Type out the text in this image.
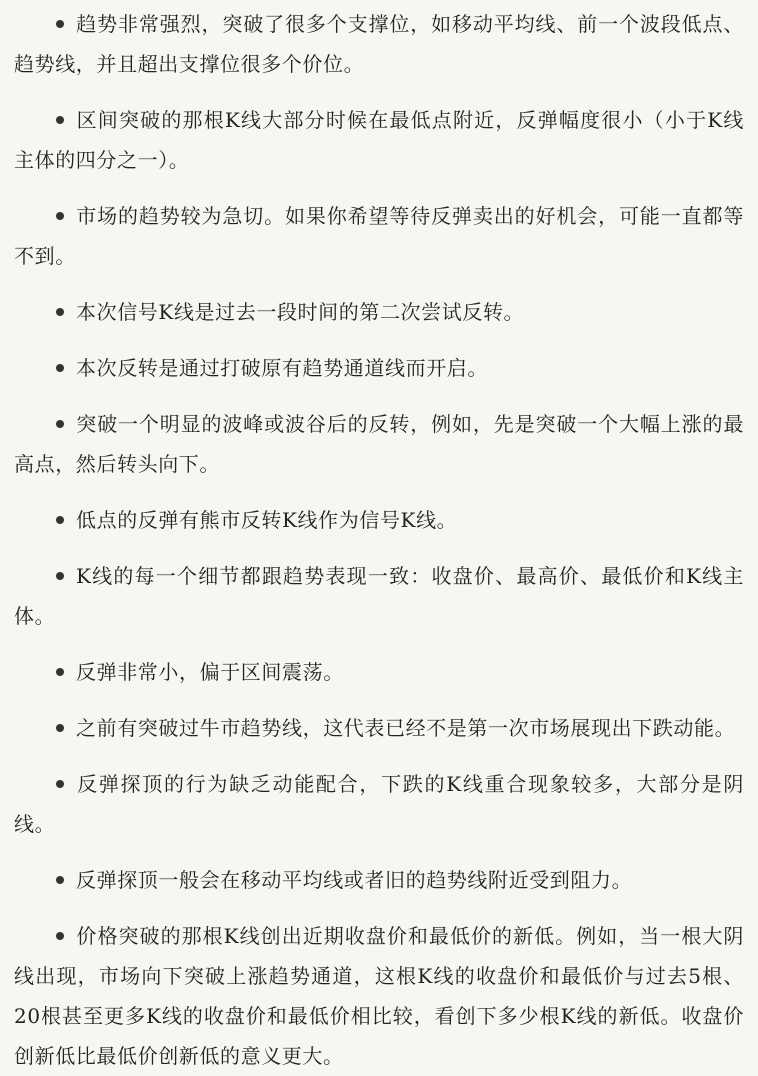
趋势非常强烈，突破了很多个支撑位，如移动平均线、前一个波段低点、趋势线，并且超出支撑位很多个价位。

区间突破的那根K线大部分时候在最低点附近，反弹幅度很小（小于K线主体的四分之一）。

市场的趋势较为急切。如果你希望等待反弹卖出的好机会，可能一直都等不到。

本次信号K线是过去一段时间的第二次尝试反转。

本次反转是通过打破原有趋势通道线而开启。

突破一个明显的波峰或波谷后的反转，例如，先是突破一个大幅上涨的最高点，然后转头向下。

低点的反弹有熊市反转K线作为信号K线。

K线的每一个细节都跟趋势表现一致：收盘价、最高价、最低价和K线主体。

反弹非常小，偏于区间震荡。

之前有突破过牛市趋势线，这代表已经不是第一次市场展现出下跌动能。

反弹探顶的行为缺乏动能配合，下跌的K线重合现象较多，大部分是阴线。

反弹探顶一般会在移动平均线或者旧的趋势线附近受到阻力。

价格突破的那根K线创出近期收盘价和最低价的新低。例如，当一根大阴线出现，市场向下突破上涨趋势通道，这根K线的收盘价和最低价与过去5根、20根甚至更多K线的收盘价和最低价相比较，看创下多少根K线的新低。收盘价创新低比最低价创新低的意义更大。
